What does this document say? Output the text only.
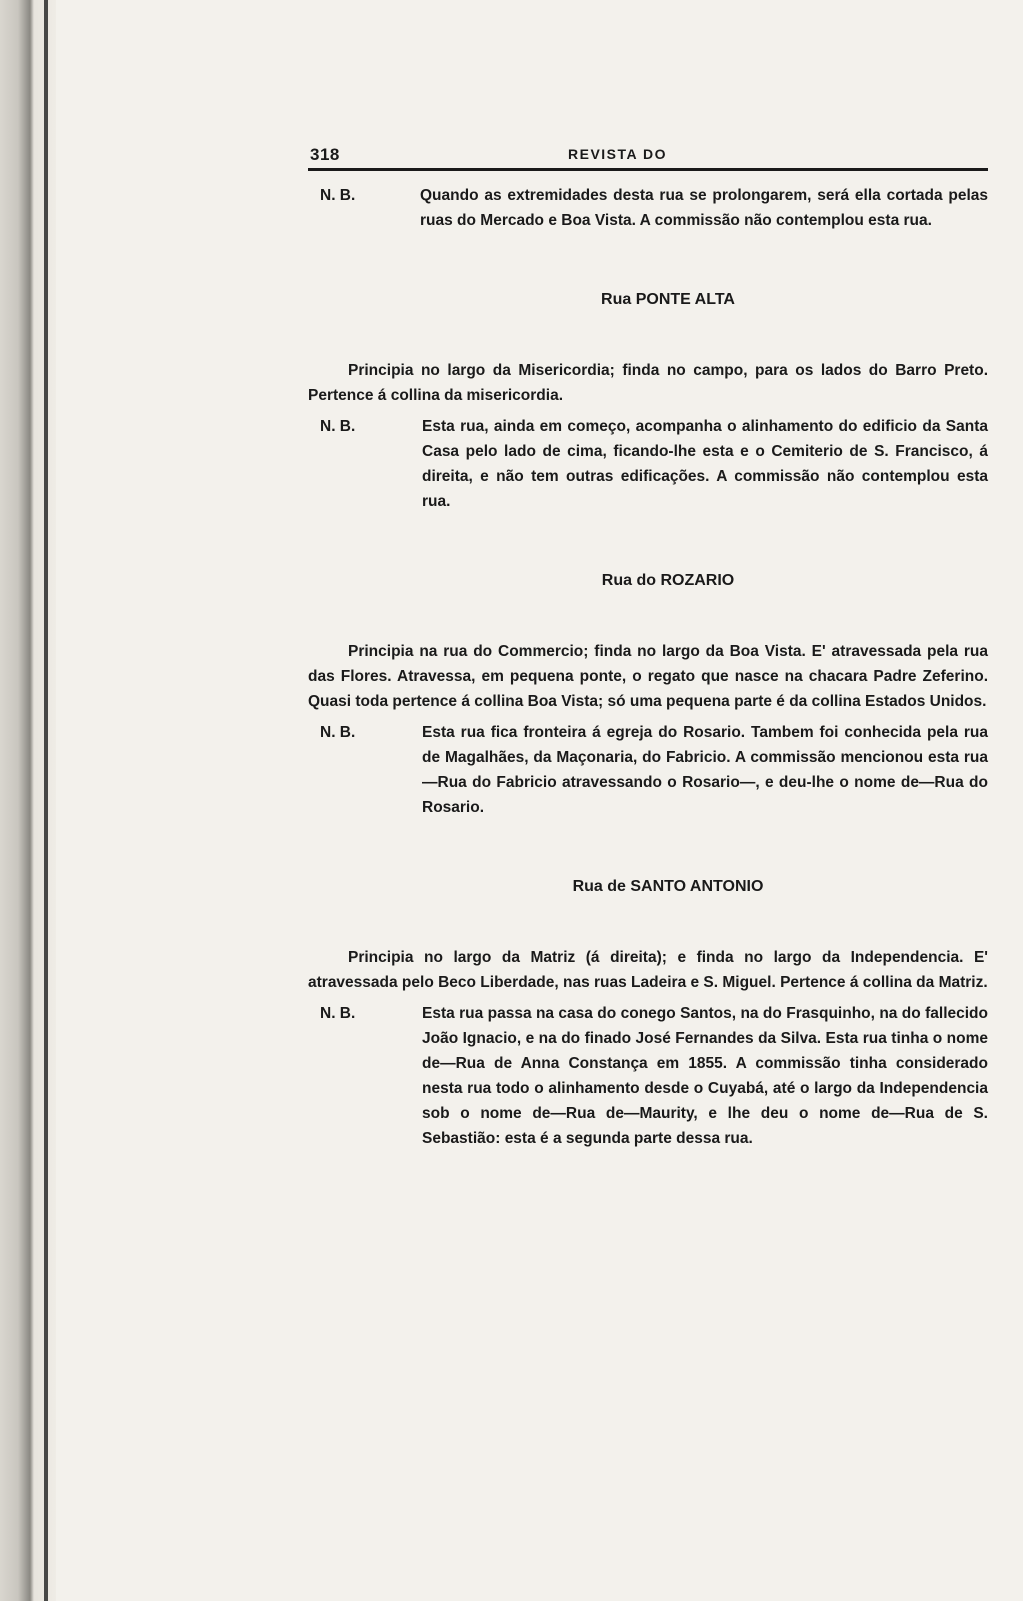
318	REVISTA DO
N. B.	Quando as extremidades desta rua se prolongarem, será ella cortada pelas ruas do Mercado e Boa Vista. A commissão não contemplou esta rua.
Rua PONTE ALTA

Principia no largo da Misericordia; finda no campo, para os lados do Barro Preto. Pertence á collina da misericordia.

N. B.	Esta rua, ainda em começo, acompanha o alinhamento do edificio da Santa Casa pelo lado de cima, ficando-lhe esta e o Cemiterio de S. Francisco, á direita, e não tem outras edificações. A commissão não contemplou esta rua.
Rua do ROZARIO

Principia na rua do Commercio; finda no largo da Boa Vista. E' atravessada pela rua das Flores. Atravessa, em pequena ponte, o regato que nasce na chacara Padre Zeferino. Quasi toda pertence á collina Boa Vista; só uma pequena parte é da collina Estados Unidos.

N. B.	Esta rua fica fronteira á egreja do Rosario. Tambem foi conhecida pela rua de Magalhães, da Maçonaria, do Fabricio. A commissão mencionou esta rua—Rua do Fabricio atravessando o Rosario—, e deu-lhe o nome de—Rua do Rosario.
Rua de SANTO ANTONIO

Principia no largo da Matriz (á direita); e finda no largo da Independencia. E' atravessada pelo Beco Liberdade, nas ruas Ladeira e S. Miguel. Pertence á collina da Matriz.

N. B.	Esta rua passa na casa do conego Santos, na do Frasquinho, na do fallecido João Ignacio, e na do finado José Fernandes da Silva. Esta rua tinha o nome de—Rua de Anna Constança em 1855. A commissão tinha considerado nesta rua todo o alinhamento desde o Cuyabá, até o largo da Independencia sob o nome de—Rua de—Maurity, e lhe deu o nome de—Rua de S. Sebastião: esta é a segunda parte dessa rua.
